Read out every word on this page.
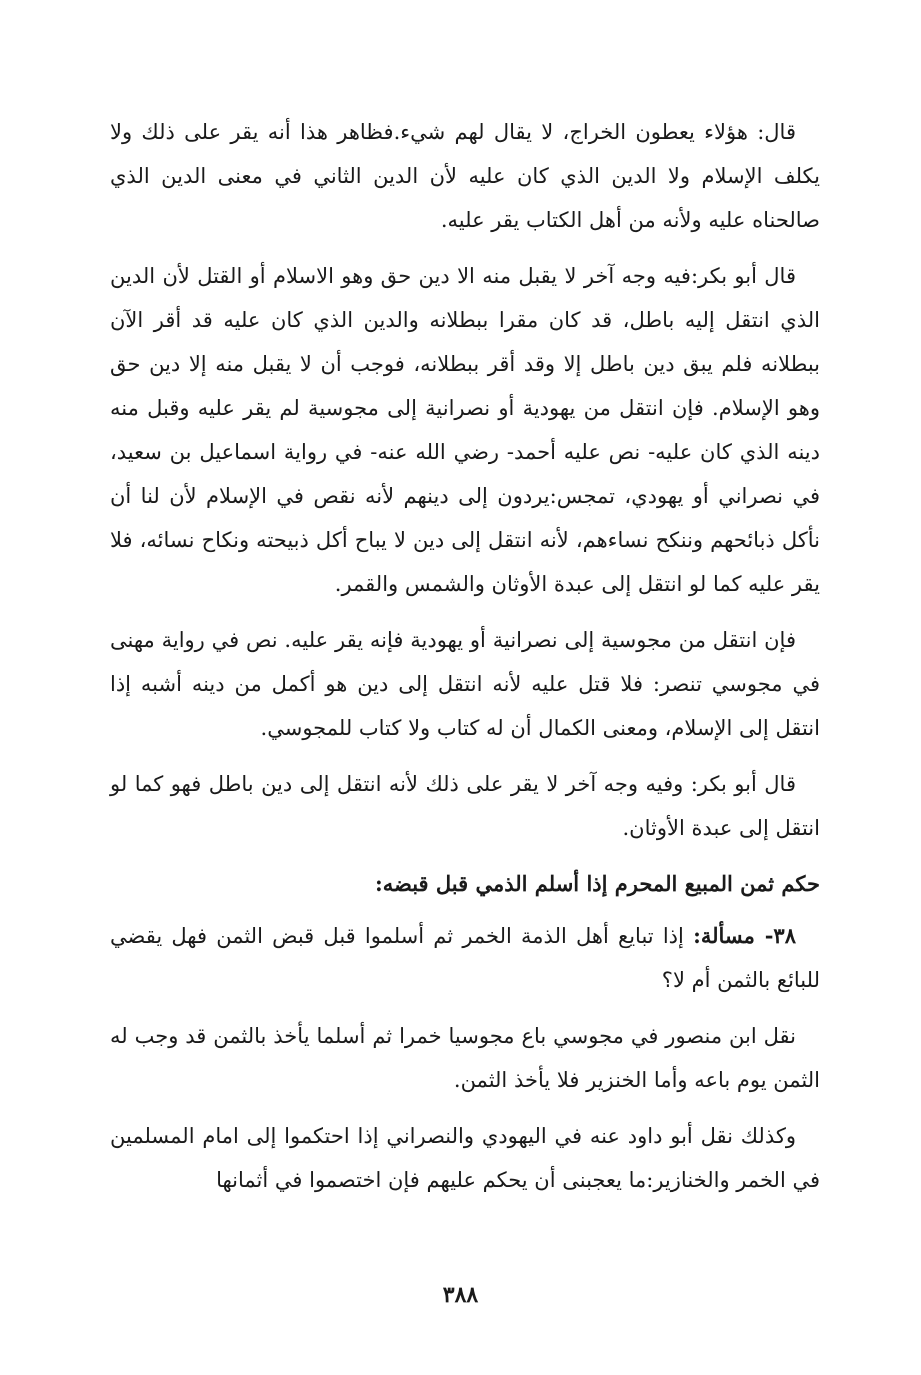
قال: هؤلاء يعطون الخراج، لا يقال لهم شيء.فظاهر هذا أنه يقر على ذلك ولا يكلف الإسلام ولا الدين الذي كان عليه لأن الدين الثاني في معنى الدين الذي صالحناه عليه ولأنه من أهل الكتاب يقر عليه.

قال أبو بكر:فيه وجه آخر لا يقبل منه الا دين حق وهو الاسلام أو القتل لأن الدين الذي انتقل إليه باطل، قد كان مقرا ببطلانه والدين الذي كان عليه قد أقر الآن ببطلانه فلم يبق دين باطل إلا وقد أقر ببطلانه، فوجب أن لا يقبل منه إلا دين حق وهو الإسلام. فإن انتقل من يهودية أو نصرانية إلى مجوسية لم يقر عليه وقبل منه دينه الذي كان عليه- نص عليه أحمد- رضي الله عنه- في رواية اسماعيل بن سعيد، في نصراني أو يهودي، تمجس:يردون إلى دينهم لأنه نقص في الإسلام لأن لنا أن نأكل ذبائحهم وننكح نساءهم، لأنه انتقل إلى دين لا يباح أكل ذبيحته ونكاح نسائه، فلا يقر عليه كما لو انتقل إلى عبدة الأوثان والشمس والقمر.

فإن انتقل من مجوسية إلى نصرانية أو يهودية فإنه يقر عليه. نص في رواية مهنى في مجوسي تنصر: فلا قتل عليه لأنه انتقل إلى دين هو أكمل من دينه أشبه إذا انتقل إلى الإسلام، ومعنى الكمال أن له كتاب ولا كتاب للمجوسي.

قال أبو بكر: وفيه وجه آخر لا يقر على ذلك لأنه انتقل إلى دين باطل فهو كما لو انتقل إلى عبدة الأوثان.

حكم ثمن المبيع المحرم إذا أسلم الذمي قبل قبضه:

٣٨- مسألة: إذا تبايع أهل الذمة الخمر ثم أسلموا قبل قبض الثمن فهل يقضي للبائع بالثمن أم لا؟

نقل ابن منصور في مجوسي باع مجوسيا خمرا ثم أسلما يأخذ بالثمن قد وجب له الثمن يوم باعه وأما الخنزير فلا يأخذ الثمن.

وكذلك نقل أبو داود عنه في اليهودي والنصراني إذا احتكموا إلى امام المسلمين في الخمر والخنازير:ما يعجبنى أن يحكم عليهم فإن اختصموا في أثمانها

٣٨٨
